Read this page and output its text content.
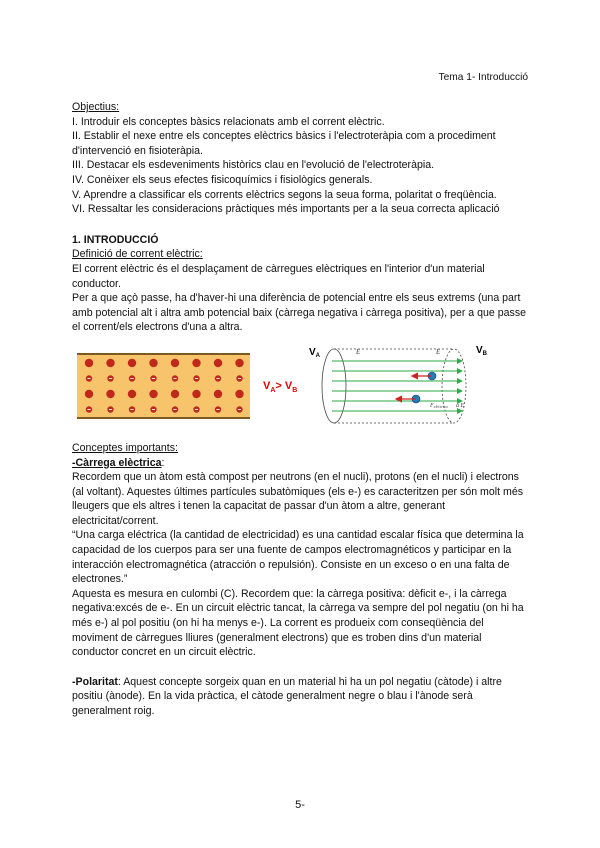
Tema 1- Introducció

Objectius:

I. Introduir els conceptes bàsics relacionats amb el corrent elèctric.

II. Establir el nexe entre els conceptes elèctrics bàsics i l'electroteràpia com a procediment d'intervenció en fisioteràpia.

III. Destacar els esdeveniments històrics clau en l'evolució de l'electroteràpia.

IV. Conèixer els seus efectes fisicoquímics i fisiològics generals.

V. Aprendre a classificar els corrents elèctrics segons la seua forma, polaritat o freqüència.

VI. Ressaltar les consideracions pràctiques més importants per a la seua correcta aplicació

1. INTRODUCCIÓ

Definició de corrent elèctric:

El corrent elèctric és el desplaçament de càrregues elèctriques en l'interior d'un material conductor.

Per a que açò passe, ha d'haver-hi una diferència de potencial entre els seus extrems (una part amb potencial alt i altra amb potencial baix (càrrega negativa i càrrega positiva), per a que passe el corrent/els electrons d'una a altra.

$V_A> V_B$
$V_A$	$V_B$
E	E
Feléctrica a E

Conceptes importants:

-Càrrega elèctrica:

Recordem que un àtom està compost per neutrons (en el nucli), protons (en el nucli) i electrons (al voltant). Aquestes últimes partícules subatòmiques (els e-) es caracteritzen per són molt més lleugers que els altres i tenen la capacitat de passar d'un àtom a altre, generant electricitat/corrent.

“Una carga eléctrica (la cantidad de electricidad) es una cantidad escalar física que determina la capacidad de los cuerpos para ser una fuente de campos electromagnéticos y participar en la interacción electromagnética (atracción o repulsión). Consiste en un exceso o en una falta de electrones.”

Aquesta es mesura en culombi (C). Recordem que: la càrrega positiva: dèficit e-, i la càrrega negativa:excés de e-. En un circuit elèctric tancat, la càrrega va sempre del pol negatiu (on hi ha més e-) al pol positiu (on hi ha menys e-). La corrent es produeix com conseqüència del moviment de càrregues lliures (generalment electrons) que es troben dins d'un material conductor concret en un circuit elèctric.

-Polaritat: Aquest concepte sorgeix quan en un material hi ha un pol negatiu (càtode) i altre positiu (ànode). En la vida pràctica, el càtode generalment negre o blau i l'ànode serà generalment roig.

5-
